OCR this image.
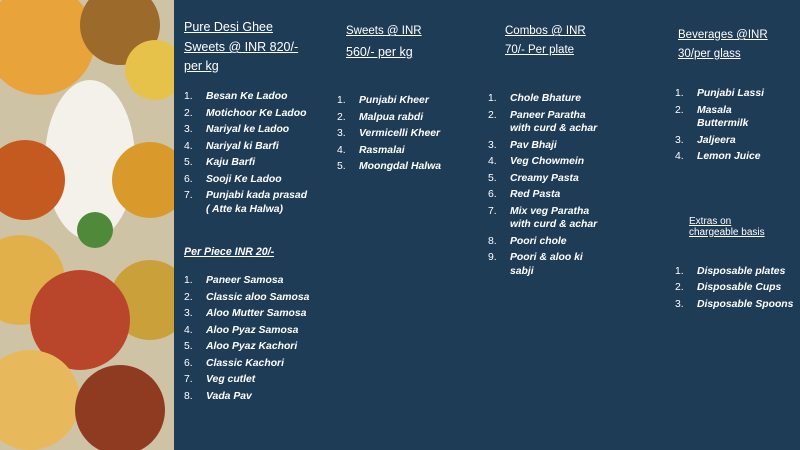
Pure Desi Ghee

Sweets @ INR 820/-

per kg

1. Besan Ke Ladoo
2. Motichoor Ke Ladoo
3. Nariyal ke Ladoo
4. Nariyal ki Barfi
5. Kaju Barfi
6. Sooji Ke Ladoo
7. Punjabi kada prasad
( Atte ka Halwa)
Per Piece INR 20/-
1. Paneer Samosa
2. Classic aloo Samosa
3. Aloo Mutter Samosa
4. Aloo Pyaz Samosa
5. Aloo Pyaz Kachori
6. Classic Kachori
7. Veg cutlet
8. Vada Pav

Sweets @ INR

560/- per kg

1. Punjabi Kheer
2. Malpua rabdi
3. Vermicelli Kheer
4. Rasmalai
5. Moongdal Halwa

Combos @ INR

70/- Per plate

1. Chole Bhature
2. Paneer Paratha
with curd & achar
3. Pav Bhaji
4. Veg Chowmein
5. Creamy Pasta
6. Red Pasta
7. Mix veg Paratha
with curd & achar
8. Poori chole
9. Poori & aloo ki
sabji

Beverages @INR

30/per glass

1. Punjabi Lassi
2. Masala
Buttermilk
3. Jaljeera
4. Lemon Juice
Extras on
chargeable basis
1. Disposable plates
2. Disposable Cups
3. Disposable Spoons
